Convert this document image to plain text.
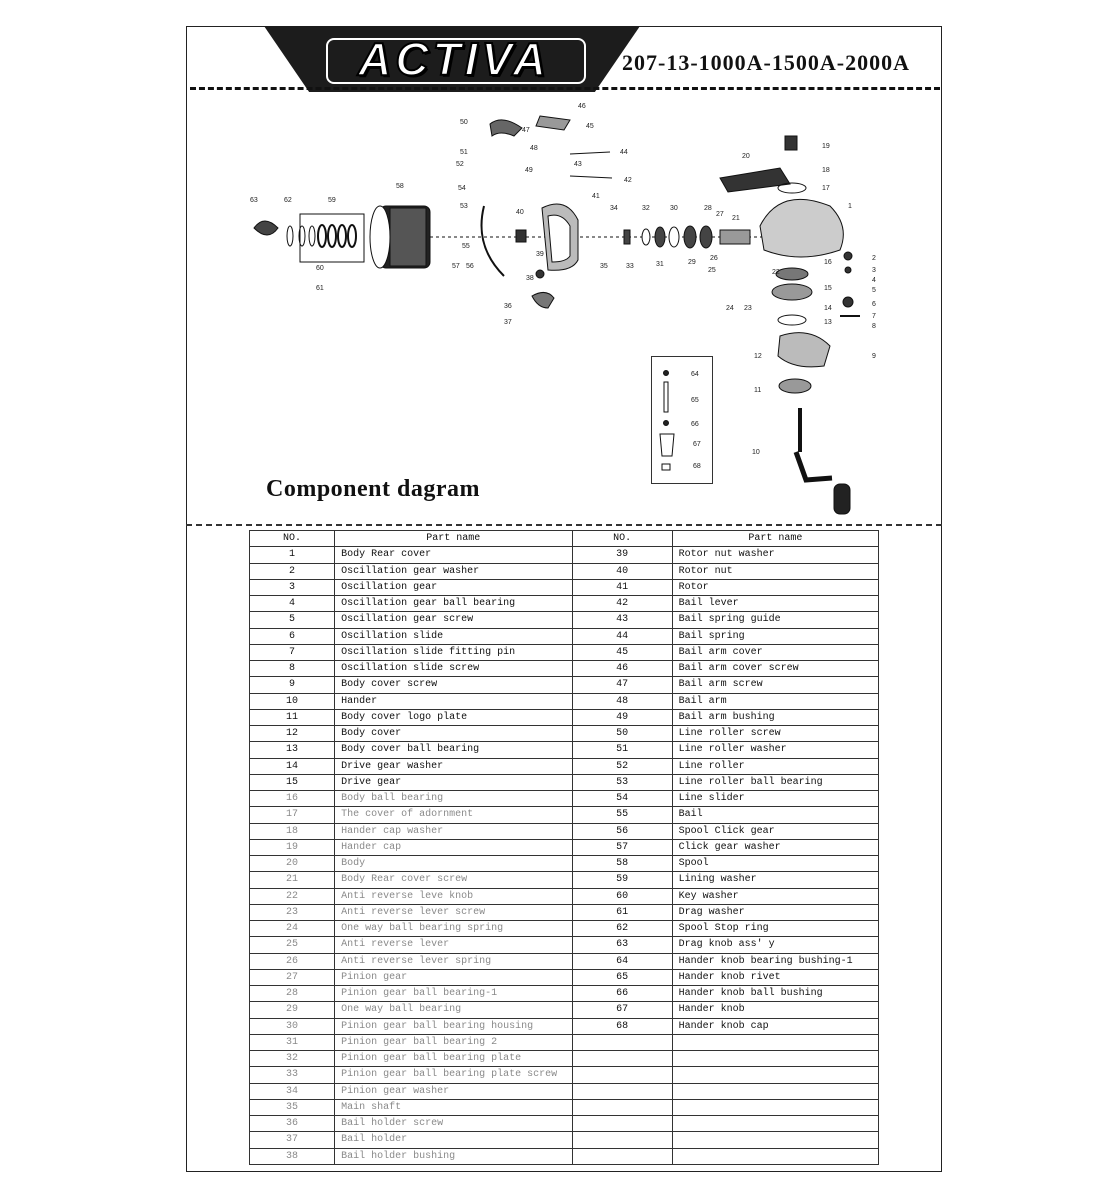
ACTIVA	207-13-1000A-1500A-2000A
63	62	59
58
60
61
50
47
48
49
46
45
44
42
41
40
34	32	30	28
27
35	33	31	29
20
21
26
25	22
24 23
19
18
17
16
15
14
13
12
11
10
1
2
3
4
5
6
7
8
9
64
65
66
67
68
55
57 56
51
52
54
53
36
38
37
39
43
Component dagram
NO.	Part name	NO.	Part name
1	Body Rear cover	39	Rotor nut washer
2	Oscillation gear washer	40	Rotor nut
3	Oscillation gear	41	Rotor
4	Oscillation gear ball bearing	42	Bail lever
5	Oscillation gear screw	43	Bail spring guide
6	Oscillation slide	44	Bail spring
7	Oscillation slide fitting pin	45	Bail arm cover
8	Oscillation slide screw	46	Bail arm cover screw
9	Body cover screw	47	Bail arm screw
10	Hander	48	Bail arm
11	Body cover logo plate	49	Bail arm bushing
12	Body cover	50	Line roller screw
13	Body cover ball bearing	51	Line roller washer
14	Drive gear washer	52	Line roller
15	Drive gear	53	Line roller ball bearing
16	Body ball bearing	54	Line slider
17	The cover of adornment	55	Bail
18	Hander cap washer	56	Spool Click gear
19	Hander cap	57	Click gear washer
20	Body	58	Spool
21	Body Rear cover screw	59	Lining washer
22	Anti reverse leve knob	60	Key washer
23	Anti reverse lever screw	61	Drag washer
24	One way ball bearing spring	62	Spool Stop ring
25	Anti reverse lever	63	Drag knob ass' y
26	Anti reverse lever spring	64	Hander knob bearing bushing-1
27	Pinion gear	65	Hander knob rivet
28	Pinion gear ball bearing-1	66	Hander knob ball bushing
29	One way ball bearing	67	Hander knob
30	Pinion gear ball bearing housing	68	Hander knob cap
31	Pinion gear ball bearing 2		
32	Pinion gear ball bearing plate		
33	Pinion gear ball bearing plate screw		
34	Pinion gear washer		
35	Main shaft		
36	Bail holder screw		
37	Bail holder		
38	Bail holder bushing		
